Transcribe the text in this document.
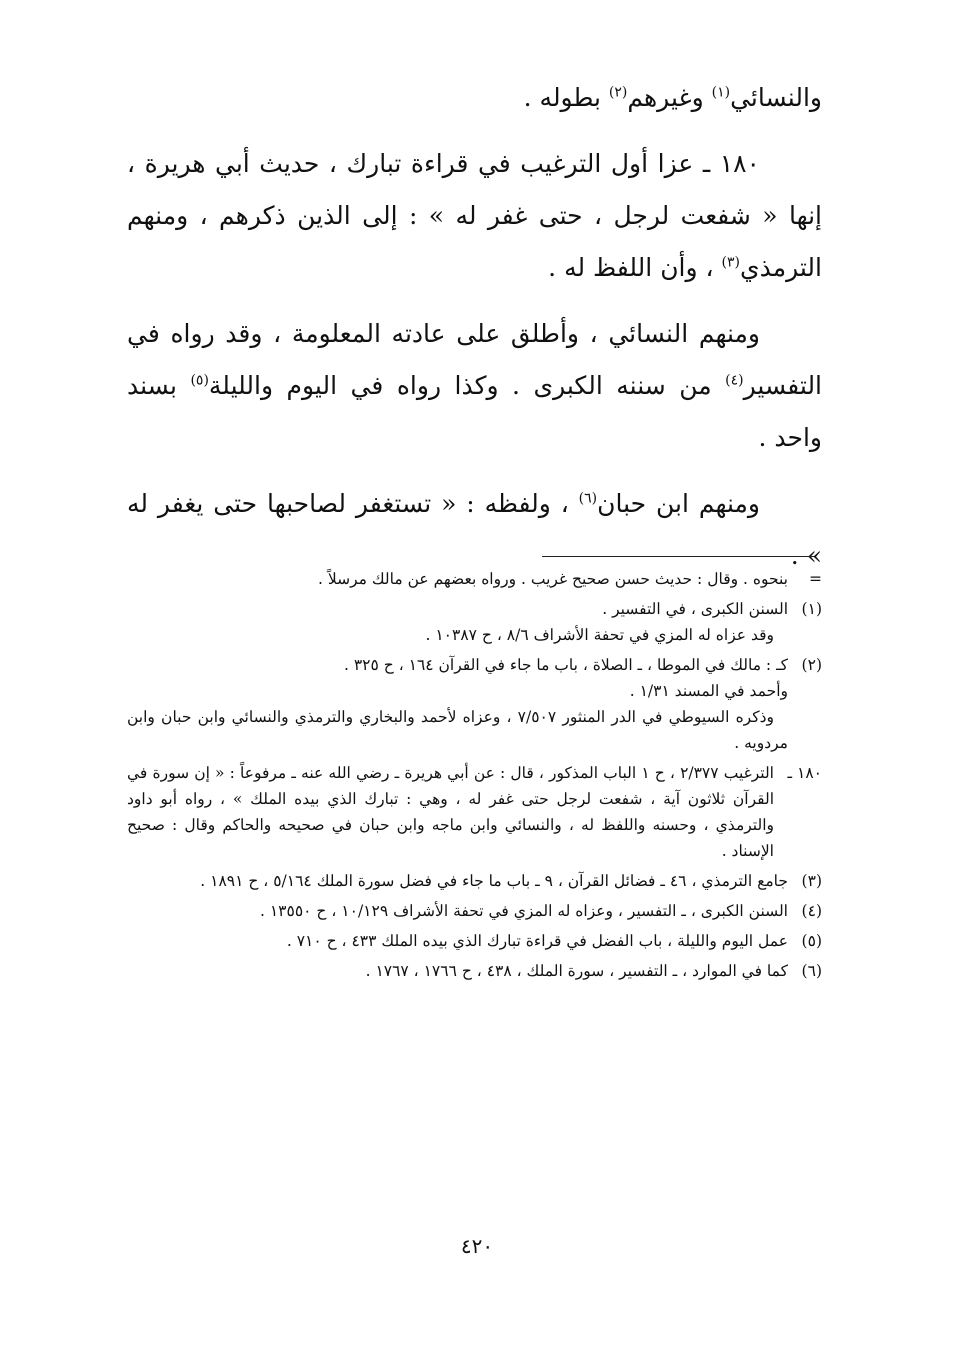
والنسائي$^{(١)}$ وغيرهم$^{(٢)}$ بطوله .

١٨٠ ـ عزا أول الترغيب في قراءة تبارك ، حديث أبي هريرة ، إنها « شفعت لرجل ، حتى غفر له » : إلى الذين ذكرهم ، ومنهم الترمذي$^{(٣)}$ ، وأن اللفظ له .

ومنهم النسائي ، وأطلق على عادته المعلومة ، وقد رواه في التفسير$^{(٤)}$ من سننه الكبرى . وكذا رواه في اليوم والليلة$^{(٥)}$ بسند واحد .

ومنهم ابن حبان$^{(٦)}$ ، ولفظه : « تستغفر لصاحبها حتى يغفر له » .

=

بنحوه . وقال : حديث حسن صحيح غريب . ورواه بعضهم عن مالك مرسلاً .

(١)

السنن الكبرى ، في التفسير .

وقد عزاه له المزي في تحفة الأشراف ٨/٦ ، ح ١٠٣٨٧ .

(٢)

كـ : مالك في الموطا ، ـ الصلاة ، باب ما جاء في القرآن ١٦٤ ، ح ٣٢٥ .

وأحمد في المسند ١/٣١ .

وذكره السيوطي في الدر المنثور ٧/٥٠٧ ، وعزاه لأحمد والبخاري والترمذي والنسائي وابن حبان وابن مردويه .

١٨٠ ـ

الترغيب ٢/٣٧٧ ، ح ١ الباب المذكور ، قال : عن أبي هريرة ـ رضي الله عنه ـ مرفوعاً : « إن سورة في القرآن ثلاثون آية ، شفعت لرجل حتى غفر له ، وهي : تبارك الذي بيده الملك » ، رواه أبو داود والترمذي ، وحسنه واللفظ له ، والنسائي وابن ماجه وابن حبان في صحيحه والحاكم وقال : صحيح الإسناد .

(٣)

جامع الترمذي ، ٤٦ ـ فضائل القرآن ، ٩ ـ باب ما جاء في فضل سورة الملك ٥/١٦٤ ، ح ١٨٩١ .

(٤)

السنن الكبرى ، ـ التفسير ، وعزاه له المزي في تحفة الأشراف ١٠/١٢٩ ، ح ١٣٥٥٠ .

(٥)

عمل اليوم والليلة ، باب الفضل في قراءة تبارك الذي بيده الملك ٤٣٣ ، ح ٧١٠ .

(٦)

كما في الموارد ، ـ التفسير ، سورة الملك ، ٤٣٨ ، ح ١٧٦٦ ، ١٧٦٧ .

٤٢٠
